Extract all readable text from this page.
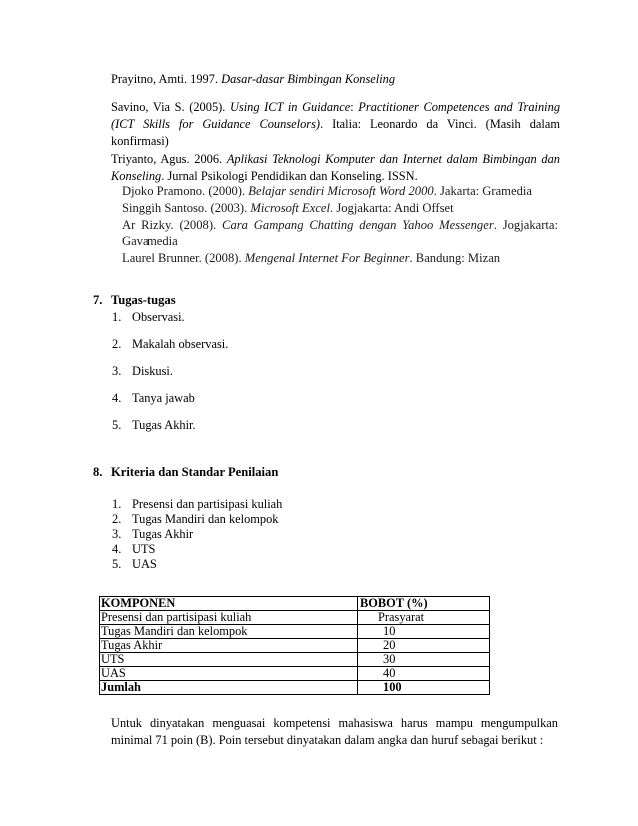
Prayitno, Amti. 1997. Dasar-dasar Bimbingan Konseling
Savino, Via S. (2005). Using ICT in Guidance: Practitioner Competences and Training (ICT Skills for Guidance Counselors). Italia: Leonardo da Vinci. (Masih dalam konfirmasi)
Triyanto, Agus. 2006. Aplikasi Teknologi Komputer dan Internet dalam Bimbingan dan Konseling. Jurnal Psikologi Pendidikan dan Konseling. ISSN.
Djoko Pramono. (2000). Belajar sendiri Microsoft Word 2000. Jakarta: Gramedia
Singgih Santoso. (2003). Microsoft Excel. Jogjakarta: Andi Offset
Ar Rizky. (2008). Cara Gampang Chatting dengan Yahoo Messenger. Jogjakarta: Gava
media
Laurel Brunner. (2008). Mengenal Internet For Beginner. Bandung: Mizan
7. Tugas-tugas
1. Observasi.
2. Makalah observasi.
3. Diskusi.
4. Tanya jawab
5. Tugas Akhir.
8. Kriteria dan Standar Penilaian
1. Presensi dan partisipasi kuliah
2. Tugas Mandiri dan kelompok
3. Tugas Akhir
4. UTS
5. UAS
KOMPONEN	BOBOT (%)
Presensi dan partisipasi kuliah	Prasyarat
Tugas Mandiri dan kelompok	10
Tugas Akhir	20
UTS	30
UAS	40
Jumlah	100
Untuk dinyatakan menguasai kompetensi mahasiswa harus mampu mengumpulkan minimal 71 poin (B). Poin tersebut dinyatakan dalam angka dan huruf sebagai berikut :
